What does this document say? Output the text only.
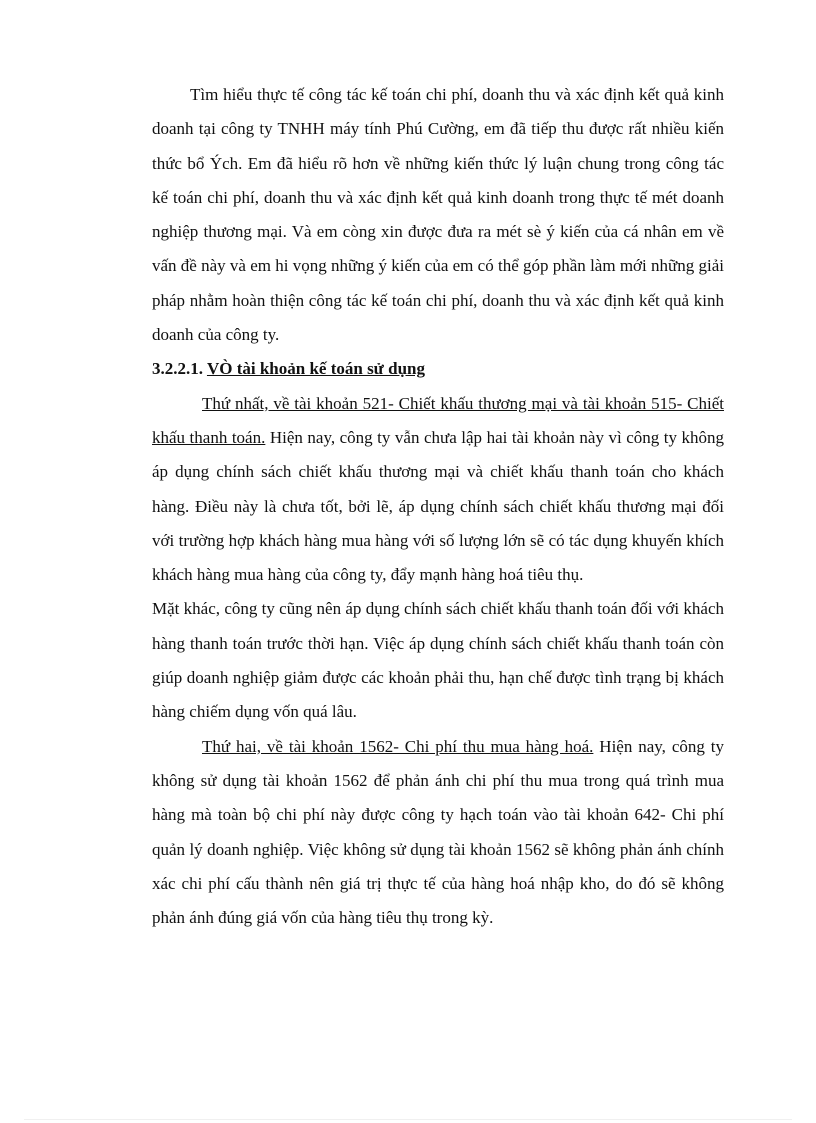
Tìm hiểu thực tế công tác kế toán chi phí, doanh thu và xác định kết quả kinh doanh tại công ty TNHH máy tính Phú Cường, em đã tiếp thu được rất nhiều kiến thức bổ Ých. Em đã hiểu rõ hơn về những kiến thức lý luận chung trong công tác kế toán chi phí, doanh thu và xác định kết quả kinh doanh trong thực tế mét doanh nghiệp thương mại. Và em còng xin được đưa ra mét sè ý kiến của cá nhân em về vấn đề này và em hi vọng những ý kiến của em có thể góp phần làm mới những giải pháp nhằm hoàn thiện công tác kế toán chi phí, doanh thu và xác định kết quả kinh doanh của công ty.

3.2.2.1. VÒ tài khoản kế toán sử dụng

Thứ nhất, về tài khoản 521- Chiết khấu thương mại và tài khoản 515- Chiết khấu thanh toán. Hiện nay, công ty vẫn chưa lập hai tài khoản này vì công ty không áp dụng chính sách chiết khấu thương mại và chiết khấu thanh toán cho khách hàng. Điều này là chưa tốt, bởi lẽ, áp dụng chính sách chiết khấu thương mại đối với trường hợp khách hàng mua hàng với số lượng lớn sẽ có tác dụng khuyến khích khách hàng mua hàng của công ty, đẩy mạnh hàng hoá tiêu thụ.

Mặt khác, công ty cũng nên áp dụng chính sách chiết khấu thanh toán đối với khách hàng thanh toán trước thời hạn. Việc áp dụng chính sách chiết khấu thanh toán còn giúp doanh nghiệp giảm được các khoản phải thu, hạn chế được tình trạng bị khách hàng chiếm dụng vốn quá lâu.

Thứ hai, về tài khoản 1562- Chi phí thu mua hàng hoá. Hiện nay, công ty không sử dụng tài khoản 1562 để phản ánh chi phí thu mua trong quá trình mua hàng mà toàn bộ chi phí này được công ty hạch toán vào tài khoản 642- Chi phí quản lý doanh nghiệp. Việc không sử dụng tài khoản 1562 sẽ không phản ánh chính xác chi phí cấu thành nên giá trị thực tế của hàng hoá nhập kho, do đó sẽ không phản ánh đúng giá vốn của hàng tiêu thụ trong kỳ.
